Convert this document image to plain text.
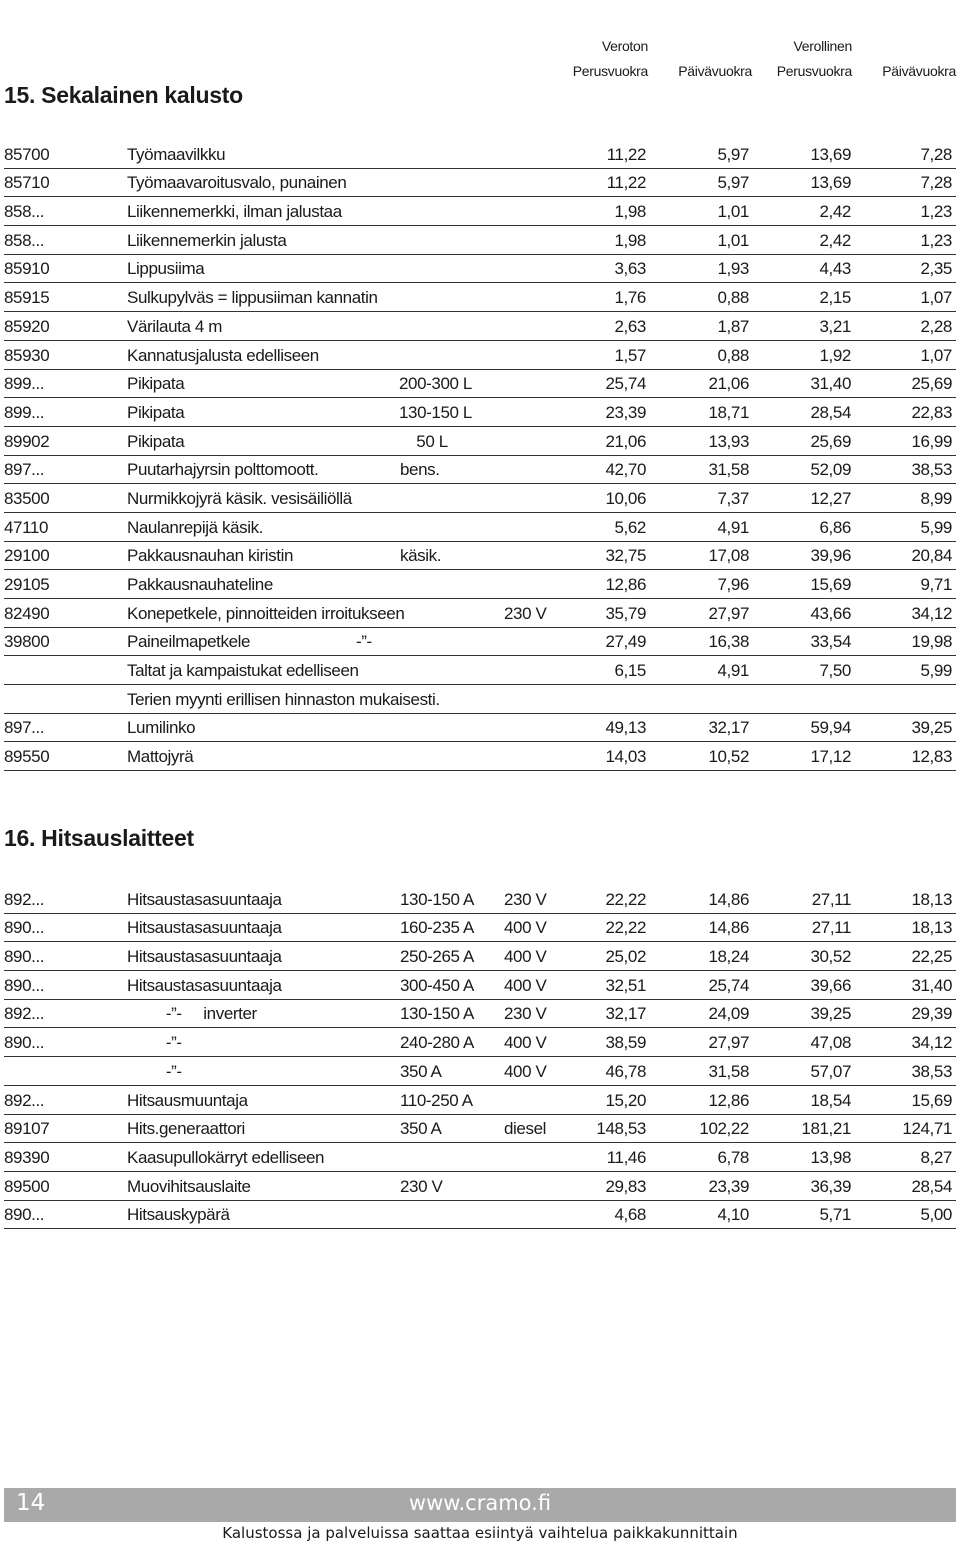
Veroton
Perusvuokra Päivävuokra
Verollinen
Perusvuokra Päivävuokra
15. Sekalainen kalusto
85700	Työmaavilkku	11,22	5,97	13,69	7,28
85710	Työmaavaroitusvalo, punainen	11,22	5,97	13,69	7,28
858...	Liikennemerkki, ilman jalustaa	1,98	1,01	2,42	1,23
858...	Liikennemerkin jalusta	1,98	1,01	2,42	1,23
85910	Lippusiima	3,63	1,93	4,43	2,35
85915	Sulkupylväs = lippusiiman kannatin	1,76	0,88	2,15	1,07
85920	Värilauta 4 m	2,63	1,87	3,21	2,28
85930	Kannatusjalusta edelliseen	1,57	0,88	1,92	1,07
899...	Pikipata	200-300 L	25,74	21,06	31,40	25,69
899...	Pikipata	130-150 L	23,39	18,71	28,54	22,83
89902	Pikipata	50 L	21,06	13,93	25,69	16,99
897...	Puutarhajyrsin polttomoott.	bens.	42,70	31,58	52,09	38,53
83500	Nurmikkojyrä käsik. vesisäiliöllä	10,06	7,37	12,27	8,99
47110	Naulanrepijä käsik.	5,62	4,91	6,86	5,99
29100	Pakkausnauhan kiristin	käsik.	32,75	17,08	39,96	20,84
29105	Pakkausnauhateline	12,86	7,96	15,69	9,71
82490	Konepetkele, pinnoitteiden irroitukseen	230 V	35,79	27,97	43,66	34,12
39800	Paineilmapetkele	-”-	27,49	16,38	33,54	19,98
Taltat ja kampaistukat edelliseen	6,15	4,91	7,50	5,99
Terien myynti erillisen hinnaston mukaisesti.
897...	Lumilinko	49,13	32,17	59,94	39,25
89550	Mattojyrä	14,03	10,52	17,12	12,83
16. Hitsauslaitteet
892...	Hitsaustasasuuntaaja	130-150 A 230 V	22,22	14,86	27,11	18,13
890...	Hitsaustasasuuntaaja	160-235 A 400 V	22,22	14,86	27,11	18,13
890...	Hitsaustasasuuntaaja	250-265 A 400 V	25,02	18,24	30,52	22,25
890...	Hitsaustasasuuntaaja	300-450 A 400 V	32,51	25,74	39,66	31,40
892...	-”-     inverter	130-150 A 230 V	32,17	24,09	39,25	29,39
890...	-”-	240-280 A 400 V	38,59	27,97	47,08	34,12
-”-	350 A	400 V	46,78	31,58	57,07	38,53
892...	Hitsausmuuntaja	110-250 A	15,20	12,86	18,54	15,69
89107	Hits.generaattori	350 A	diesel	148,53	102,22	181,21	124,71
89390	Kaasupullokärryt edelliseen	11,46	6,78	13,98	8,27
89500	Muovihitsauslaite	230 V	29,83	23,39	36,39	28,54
890...	Hitsauskypärä	4,68	4,10	5,71	5,00
14	www.cramo.fi
Kalustossa ja palveluissa saattaa esiintyä vaihtelua paikkakunnittain
